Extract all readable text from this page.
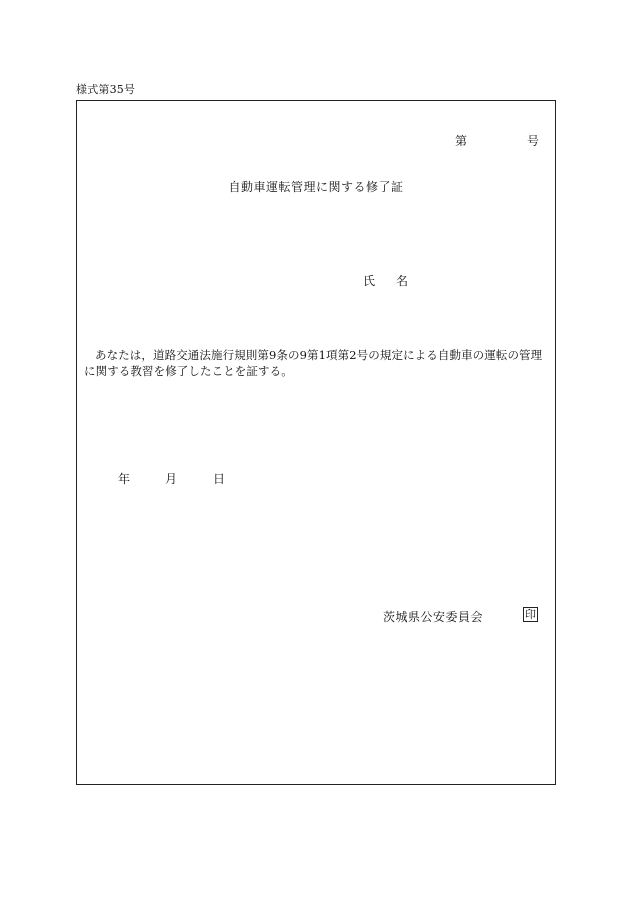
様式第35号
第	号
自動車運転管理に関する修了証
氏 名
あなたは，道路交通法施行規則第9条の9第1項第2号の規定による自動車の運転の管理に関する教習を修了したことを証する。
年	月	日
茨城県公安委員会	印
